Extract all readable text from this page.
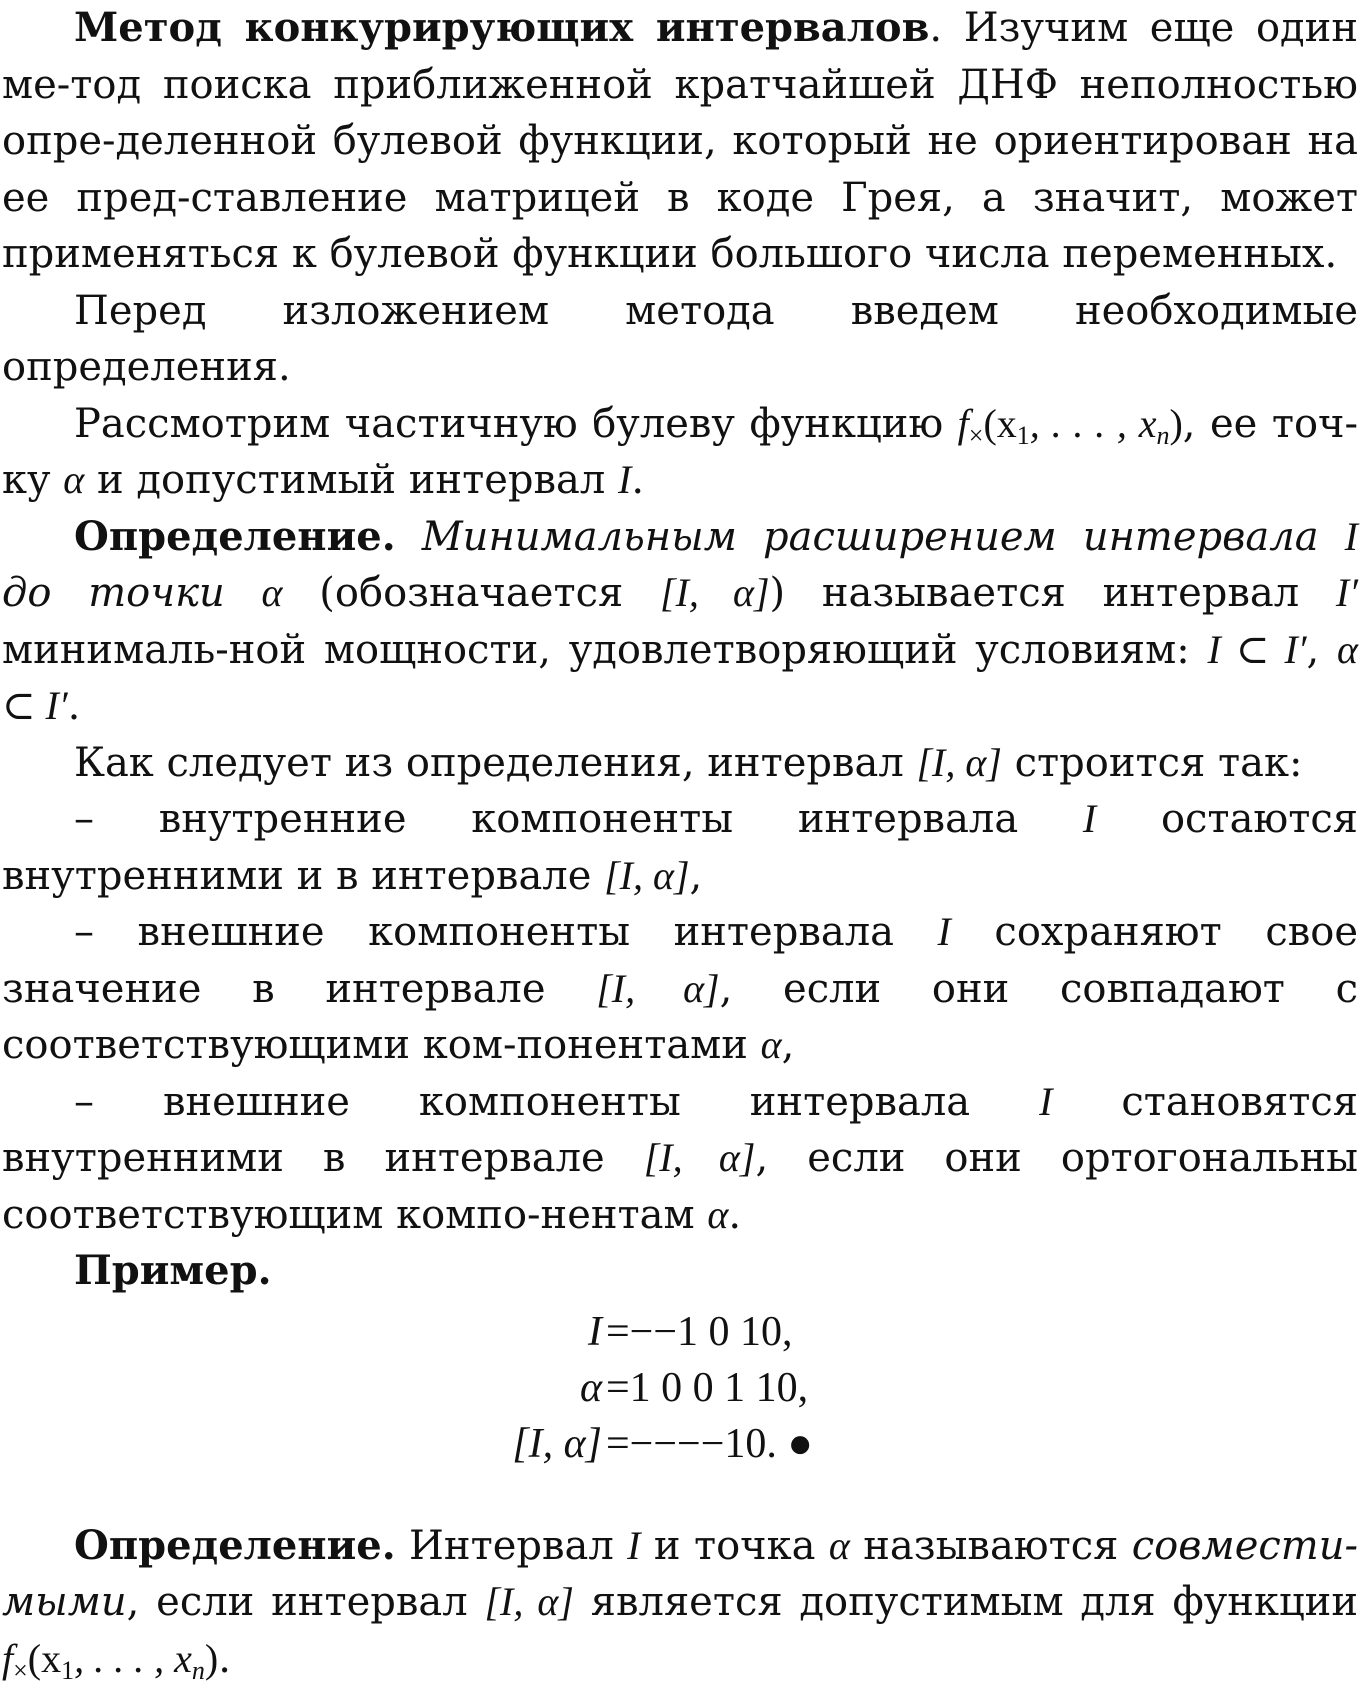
Метод конкурирующих интервалов. Изучим еще один ме-тод поиска приближенной кратчайшей ДНФ неполностью опре-деленной булевой функции, который не ориентирован на ее пред-ставление матрицей в коде Грея, а значит, может применяться к булевой функции большого числа переменных.

Перед изложением метода введем необходимые определения.

Рассмотрим частичную булеву функцию $f_\times(x_1$, . . . , $x_n$), ее точ-ку α и допустимый интервал I.

Определение. Минимальным расширением интервала I до точки α (обозначается [I, α]) называется интервал I′ минималь-ной мощности, удовлетворяющий условиям: I ⊂ I′, α ⊂ I′.

Как следует из определения, интервал [I, α] строится так:

– внутренние компоненты интервала I остаются внутренними и в интервале [I, α],

– внешние компоненты интервала I сохраняют свое значение в интервале [I, α], если они совпадают с соответствующими ком-понентами α,

– внешние компоненты интервала I становятся внутренними в интервале [I, α], если они ортогональны соответствующим компо-нентам α.

Пример.

I =−−1 0 10,
α =1 0 0 1 10,
[I, α] =−−−−10. ●

Определение. Интервал I и точка α называются совмести-мыми, если интервал [I, α] является допустимым для функции $f_\times(x_1$, . . . , $x_n$).
